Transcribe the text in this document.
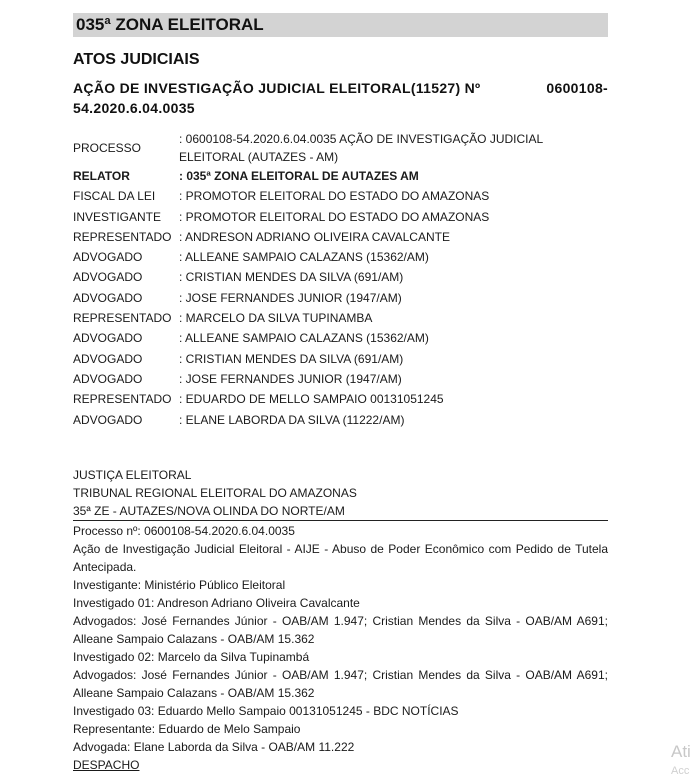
035ª ZONA ELEITORAL
ATOS JUDICIAIS
AÇÃO DE INVESTIGAÇÃO JUDICIAL ELEITORAL(11527) Nº	0600108-
54.2020.6.04.0035
PROCESSO	: 0600108-54.2020.6.04.0035 AÇÃO DE INVESTIGAÇÃO JUDICIAL ELEITORAL (AUTAZES - AM)
RELATOR	: 035ª ZONA ELEITORAL DE AUTAZES AM
FISCAL DA LEI	: PROMOTOR ELEITORAL DO ESTADO DO AMAZONAS
INVESTIGANTE	: PROMOTOR ELEITORAL DO ESTADO DO AMAZONAS
REPRESENTADO	: ANDRESON ADRIANO OLIVEIRA CAVALCANTE
ADVOGADO	: ALLEANE SAMPAIO CALAZANS (15362/AM)
ADVOGADO	: CRISTIAN MENDES DA SILVA (691/AM)
ADVOGADO	: JOSE FERNANDES JUNIOR (1947/AM)
REPRESENTADO	: MARCELO DA SILVA TUPINAMBA
ADVOGADO	: ALLEANE SAMPAIO CALAZANS (15362/AM)
ADVOGADO	: CRISTIAN MENDES DA SILVA (691/AM)
ADVOGADO	: JOSE FERNANDES JUNIOR (1947/AM)
REPRESENTADO	: EDUARDO DE MELLO SAMPAIO 00131051245
ADVOGADO	: ELANE LABORDA DA SILVA (11222/AM)
JUSTIÇA ELEITORAL
TRIBUNAL REGIONAL ELEITORAL DO AMAZONAS
35ª ZE - AUTAZES/NOVA OLINDA DO NORTE/AM
Processo nº: 0600108-54.2020.6.04.0035
Ação de Investigação Judicial Eleitoral - AIJE - Abuso de Poder Econômico com Pedido de Tutela
Antecipada.
Investigante: Ministério Público Eleitoral
Investigado 01: Andreson Adriano Oliveira Cavalcante
Advogados: José Fernandes Júnior - OAB/AM 1.947; Cristian Mendes da Silva - OAB/AM A691;
Alleane Sampaio Calazans - OAB/AM 15.362
Investigado 02: Marcelo da Silva Tupinambá
Advogados: José Fernandes Júnior - OAB/AM 1.947; Cristian Mendes da Silva - OAB/AM A691;
Alleane Sampaio Calazans - OAB/AM 15.362
Investigado 03: Eduardo Mello Sampaio 00131051245 - BDC NOTÍCIAS
Representante: Eduardo de Melo Sampaio
Advogada: Elane Laborda da Silva - OAB/AM 11.222
DESPACHO
Ati
Acc
